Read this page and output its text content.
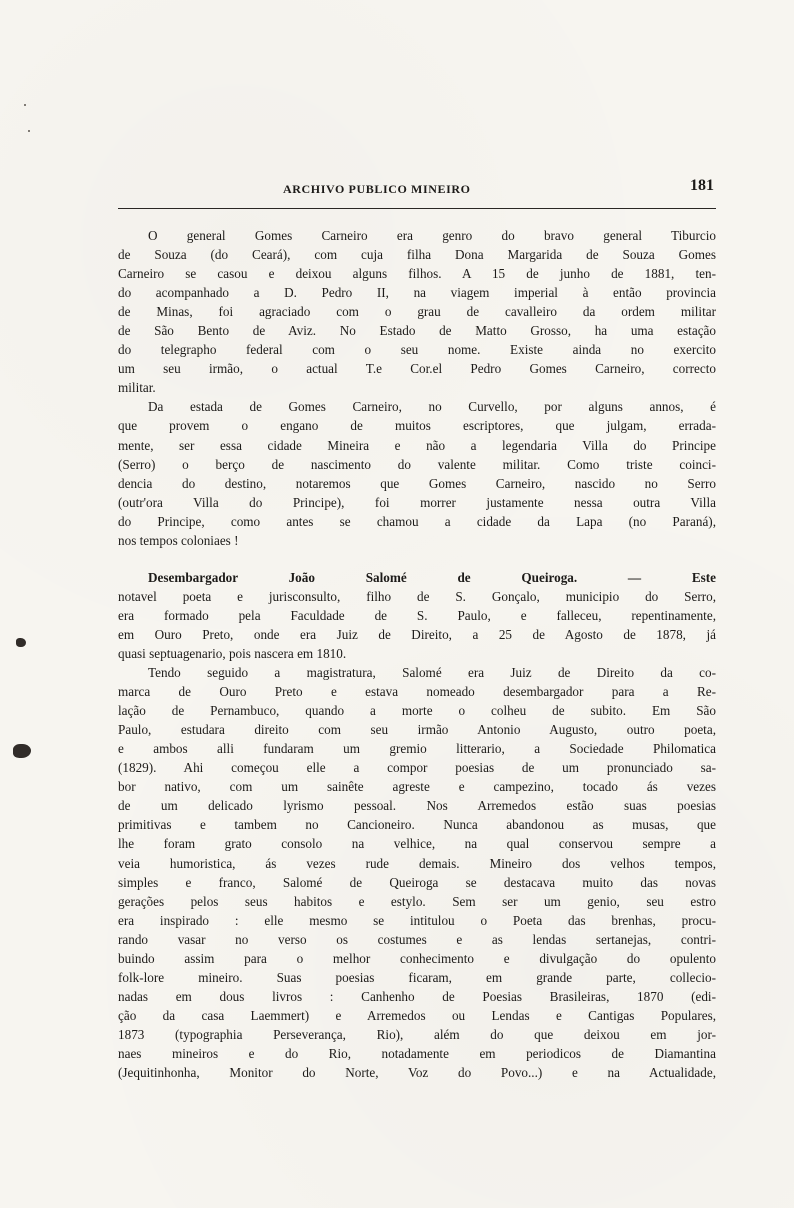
ARCHIVO PUBLICO MINEIRO	181

O general Gomes Carneiro era genro do bravo general Tiburcio
de Souza (do Ceará), com cuja filha Dona Margarida de Souza Gomes
Carneiro se casou e deixou alguns filhos. A 15 de junho de 1881, ten-
do acompanhado a D. Pedro II, na viagem imperial à então provincia
de Minas, foi agraciado com o grau de cavalleiro da ordem militar
de São Bento de Aviz. No Estado de Matto Grosso, ha uma estação
do telegrapho federal com o seu nome. Existe ainda no exercito
um seu irmão, o actual T.e Cor.el Pedro Gomes Carneiro, correcto
militar.

Da estada de Gomes Carneiro, no Curvello, por alguns annos, é
que provem o engano de muitos escriptores, que julgam, errada-
mente, ser essa cidade Mineira e não a legendaria Villa do Principe
(Serro) o berço de nascimento do valente militar. Como triste coinci-
dencia do destino, notaremos que Gomes Carneiro, nascido no Serro
(outr'ora Villa do Principe), foi morrer justamente nessa outra Villa
do Principe, como antes se chamou a cidade da Lapa (no Paraná),
nos tempos coloniaes !

Desembargador João Salomé de Queiroga. — Este
notavel poeta e jurisconsulto, filho de S. Gonçalo, municipio do Serro,
era formado pela Faculdade de S. Paulo, e falleceu, repentinamente,
em Ouro Preto, onde era Juiz de Direito, a 25 de Agosto de 1878, já
quasi septuagenario, pois nascera em 1810.

Tendo seguido a magistratura, Salomé era Juiz de Direito da co-
marca de Ouro Preto e estava nomeado desembargador para a Re-
lação de Pernambuco, quando a morte o colheu de subito. Em São
Paulo, estudara direito com seu irmão Antonio Augusto, outro poeta,
e ambos alli fundaram um gremio litterario, a Sociedade Philomatica
(1829). Ahi começou elle a compor poesias de um pronunciado sa-
bor nativo, com um sainête agreste e campezino, tocado ás vezes
de um delicado lyrismo pessoal. Nos Arremedos estão suas poesias
primitivas e tambem no Cancioneiro. Nunca abandonou as musas, que
lhe foram grato consolo na velhice, na qual conservou sempre a
veia humoristica, ás vezes rude demais. Mineiro dos velhos tempos,
simples e franco, Salomé de Queiroga se destacava muito das novas
gerações pelos seus habitos e estylo. Sem ser um genio, seu estro
era inspirado : elle mesmo se intitulou o Poeta das brenhas, procu-
rando vasar no verso os costumes e as lendas sertanejas, contri-
buindo assim para o melhor conhecimento e divulgação do opulento
folk-lore mineiro. Suas poesias ficaram, em grande parte, collecio-
nadas em dous livros : Canhenho de Poesias Brasileiras, 1870 (edi-
ção da casa Laemmert) e Arremedos ou Lendas e Cantigas Populares,
1873 (typographia Perseverança, Rio), além do que deixou em jor-
naes mineiros e do Rio, notadamente em periodicos de Diamantina
(Jequitinhonha, Monitor do Norte, Voz do Povo...) e na Actualidade,
